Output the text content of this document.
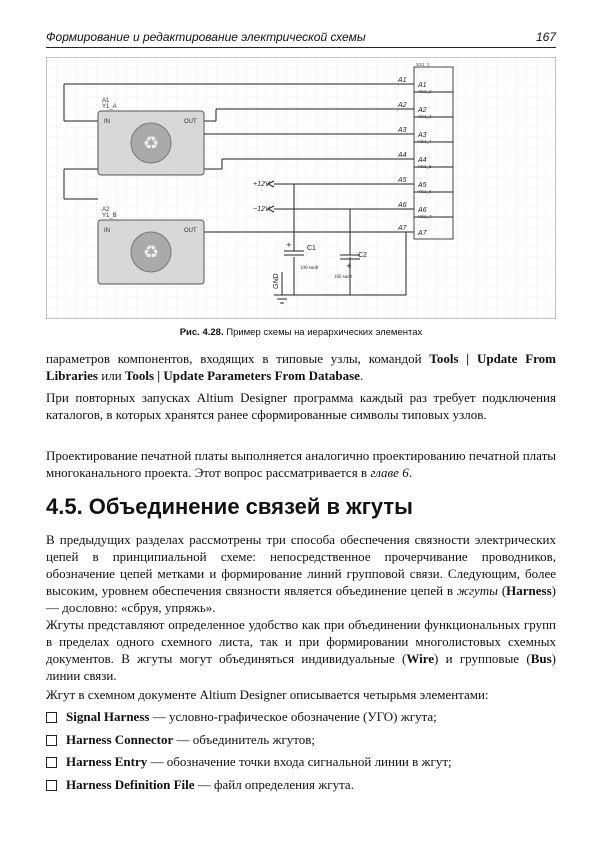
Формирование и редактирование электрической схемы	167
♻
IN	OUT
A1
Y1_A
♻
IN	OUT
A2
Y1_B
A1
A2
A3
A4
A5
A6
A7
A1
A2
A3
A4
A5
A6
A7
XS1_1
XS1_2
XS1_3
XS1_4
XS1_5
XS1_6
XS1_7
+12V
−12V
GND
C1
C2
100 мкФ
100 мкФ
+
+
Рис. 4.28. Пример схемы на иерархических элементах

параметров компонентов, входящих в типовые узлы, командой Tools | Update From Libraries или Tools | Update Parameters From Database.

При повторных запусках Altium Designer программа каждый раз требует подключения каталогов, в которых хранятся ранее сформированные символы типовых узлов.

Проектирование печатной платы выполняется аналогично проектированию печатной платы многоканального проекта. Этот вопрос рассматривается в главе 6.

4.5. Объединение связей в жгуты

В предыдущих разделах рассмотрены три способа обеспечения связности электрических цепей в принципиальной схеме: непосредственное прочерчивание проводников, обозначение цепей метками и формирование линий групповой связи. Следующим, более высоким, уровнем обеспечения связности является объединение цепей в жгуты (Harness) — дословно: «сбруя, упряжь».

Жгуты представляют определенное удобство как при объединении функциональных групп в пределах одного схемного листа, так и при формировании многолистовых схемных документов. В жгуты могут объединяться индивидуальные (Wire) и групповые (Bus) линии связи.

Жгут в схемном документе Altium Designer описывается четырьмя элементами:

Signal Harness — условно-графическое обозначение (УГО) жгута;
Harness Connector — объединитель жгутов;
Harness Entry — обозначение точки входа сигнальной линии в жгут;
Harness Definition File — файл определения жгута.
